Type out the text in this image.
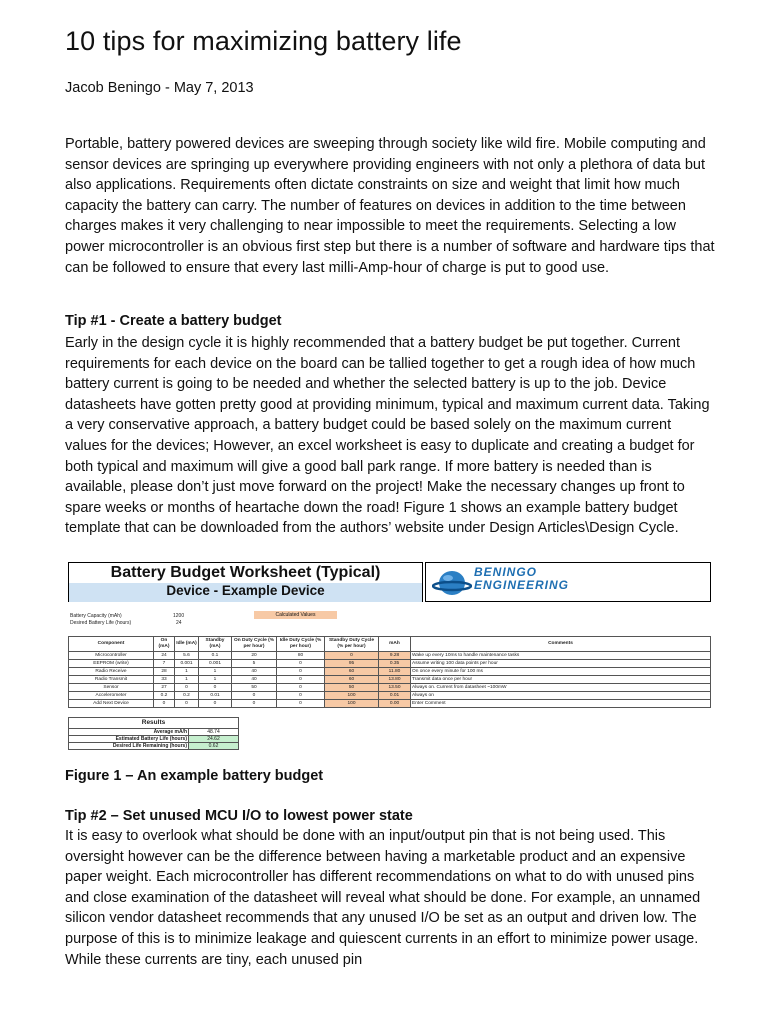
10 tips for maximizing battery life
Jacob Beningo - May 7, 2013

Portable, battery powered devices are sweeping through society like wild fire. Mobile computing and sensor devices are springing up everywhere providing engineers with not only a plethora of data but also applications. Requirements often dictate constraints on size and weight that limit how much capacity the battery can carry. The number of features on devices in addition to the time between charges makes it very challenging to near impossible to meet the requirements. Selecting a low power microcontroller is an obvious first step but there is a number of software and hardware tips that can be followed to ensure that every last milli-Amp-hour of charge is put to good use.

Tip #1 - Create a battery budget

Early in the design cycle it is highly recommended that a battery budget be put together. Current requirements for each device on the board can be tallied together to get a rough idea of how much battery current is going to be needed and whether the selected battery is up to the job. Device datasheets have gotten pretty good at providing minimum, typical and maximum current data. Taking a very conservative approach, a battery budget could be based solely on the maximum current values for the devices; However, an excel worksheet is easy to duplicate and creating a budget for both typical and maximum will give a good ball park range. If more battery is needed than is available, please don’t just move forward on the project! Make the necessary changes up front to spare weeks or months of heartache down the road! Figure 1 shows an example battery budget template that can be downloaded from the authors’ website under Design Articles\Design Cycle.

Battery Budget Worksheet (Typical)
Device - Example Device
BENINGO
ENGINEERING
Battery Capacity (mAh)	1200
Desired Battery Life (hours)	24
Calculated Values
Component	On (mA)	Idle (mA)	Standby (mA)	On Duty Cycle (% per hour)	Idle Duty Cycle (% per hour)	Standby Duty Cycle (% per hour)	mAh	Comments
Microcontroller	24	5.6	0.1	20	80	0	9.28	Wake up every 10ms to handle maintenance tasks
EEPROM (write)	7	0.001	0.001	5	0	95	0.35	Assume writing 100 data points per hour
Radio Receive	28	1	1	40	0	60	11.80	On once every minute for 100 ms
Radio Transmit	33	1	1	40	0	60	13.80	Transmit data once per hour
Sensor	27	0	0	50	0	50	13.50	Always on. Current from datasheet ~100mW
Accelerometer	0.2	0.2	0.01	0	0	100	0.01	Always on
Add Next Device	0	0	0	0	0	100	0.00	Enter Comment
Results	
Average mA/h	48.74
Estimated Battery Life (hours)	24.62
Desired Life Remaining (hours)	0.62
Figure 1 – An example battery budget
Tip #2 – Set unused MCU I/O to lowest power state

It is easy to overlook what should be done with an input/output pin that is not being used. This oversight however can be the difference between having a marketable product and an expensive paper weight. Each microcontroller has different recommendations on what to do with unused pins and close examination of the datasheet will reveal what should be done. For example, an unnamed silicon vendor datasheet recommends that any unused I/O be set as an output and driven low. The purpose of this is to minimize leakage and quiescent currents in an effort to minimize power usage. While these currents are tiny, each unused pin
